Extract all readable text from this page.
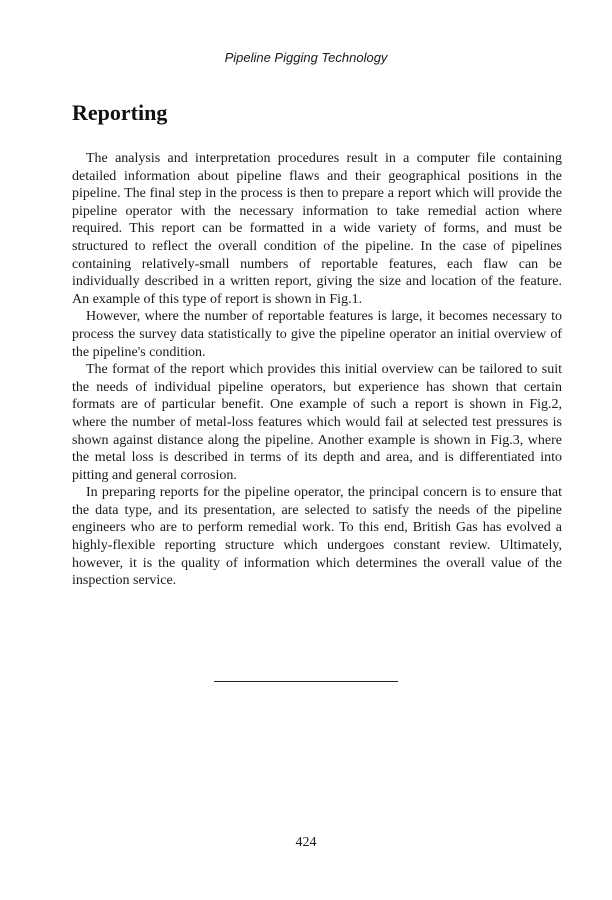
Pipeline Pigging Technology
Reporting

The analysis and interpretation procedures result in a computer file containing detailed information about pipeline flaws and their geographical positions in the pipeline. The final step in the process is then to prepare a report which will provide the pipeline operator with the necessary information to take remedial action where required. This report can be formatted in a wide variety of forms, and must be structured to reflect the overall condition of the pipeline. In the case of pipelines containing relatively-small numbers of reportable features, each flaw can be individually described in a written report, giving the size and location of the feature. An example of this type of report is shown in Fig.1.

However, where the number of reportable features is large, it becomes necessary to process the survey data statistically to give the pipeline operator an initial overview of the pipeline's condition.

The format of the report which provides this initial overview can be tailored to suit the needs of individual pipeline operators, but experience has shown that certain formats are of particular benefit. One example of such a report is shown in Fig.2, where the number of metal-loss features which would fail at selected test pressures is shown against distance along the pipeline. Another example is shown in Fig.3, where the metal loss is described in terms of its depth and area, and is differentiated into pitting and general corrosion.

In preparing reports for the pipeline operator, the principal concern is to ensure that the data type, and its presentation, are selected to satisfy the needs of the pipeline engineers who are to perform remedial work. To this end, British Gas has evolved a highly-flexible reporting structure which undergoes constant review. Ultimately, however, it is the quality of information which determines the overall value of the inspection service.

424
